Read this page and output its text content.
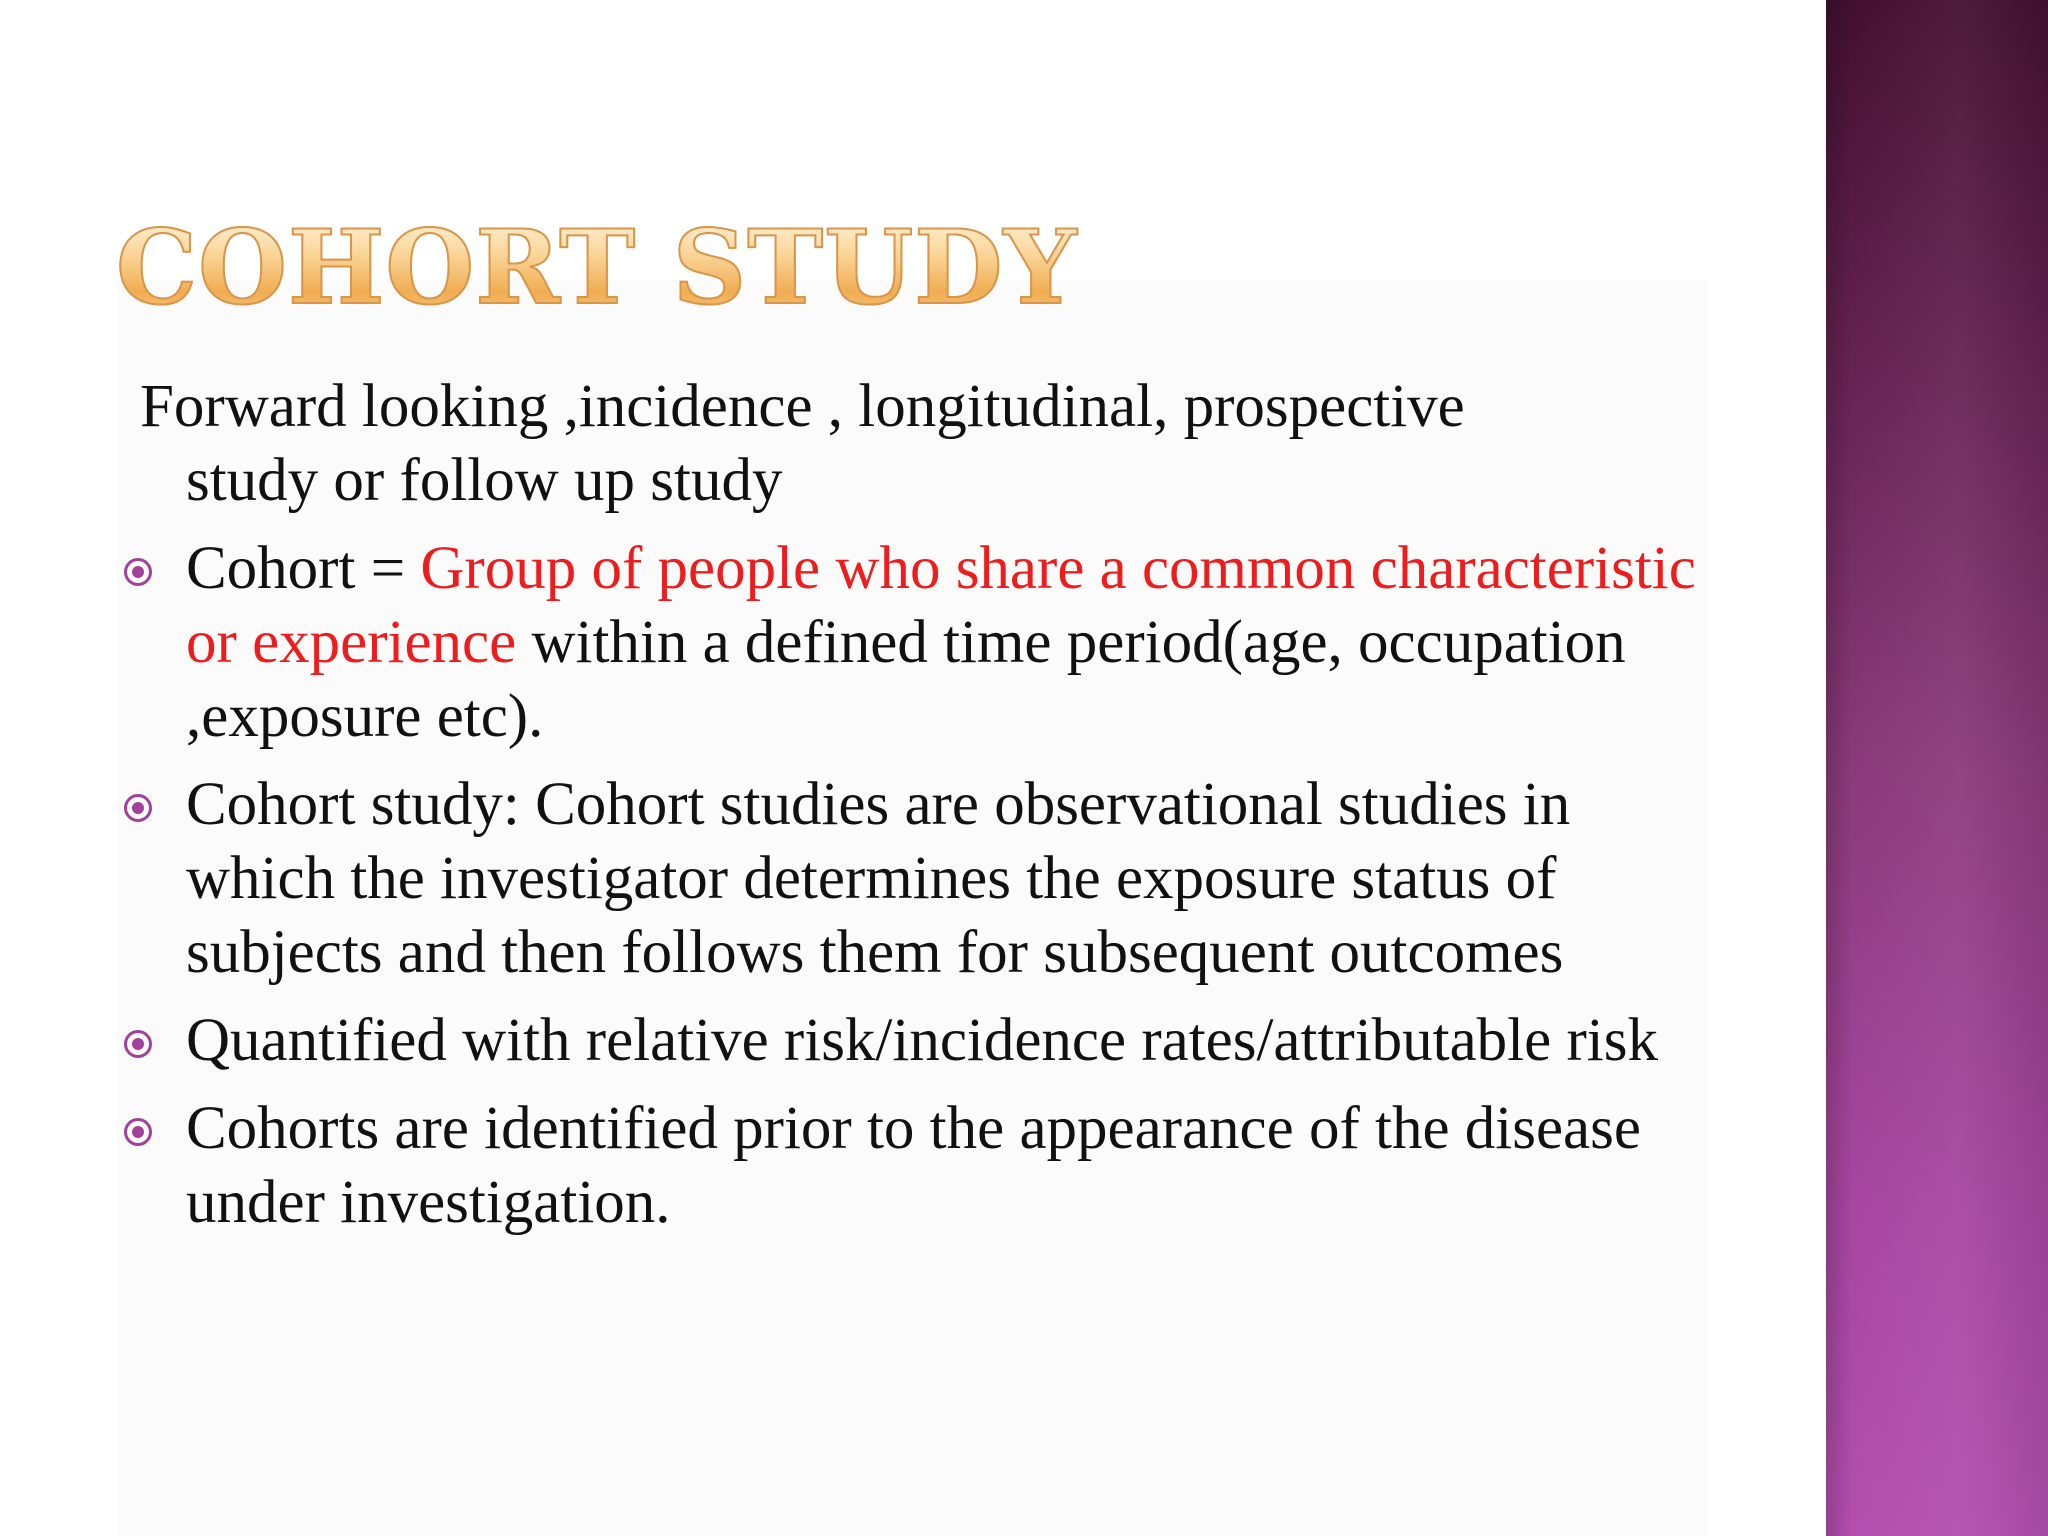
COHORT STUDY

Forward looking ,incidence , longitudinal, prospective
study or follow up study

Cohort = Group of people who share a common characteristic or experience within a defined time period(age, occupation ,exposure etc).

Cohort study: Cohort studies are observational studies in which the investigator determines the exposure status of subjects and then follows them for subsequent outcomes

Quantified with relative risk/incidence rates/attributable risk

Cohorts are identified prior to the appearance of the disease under investigation.
